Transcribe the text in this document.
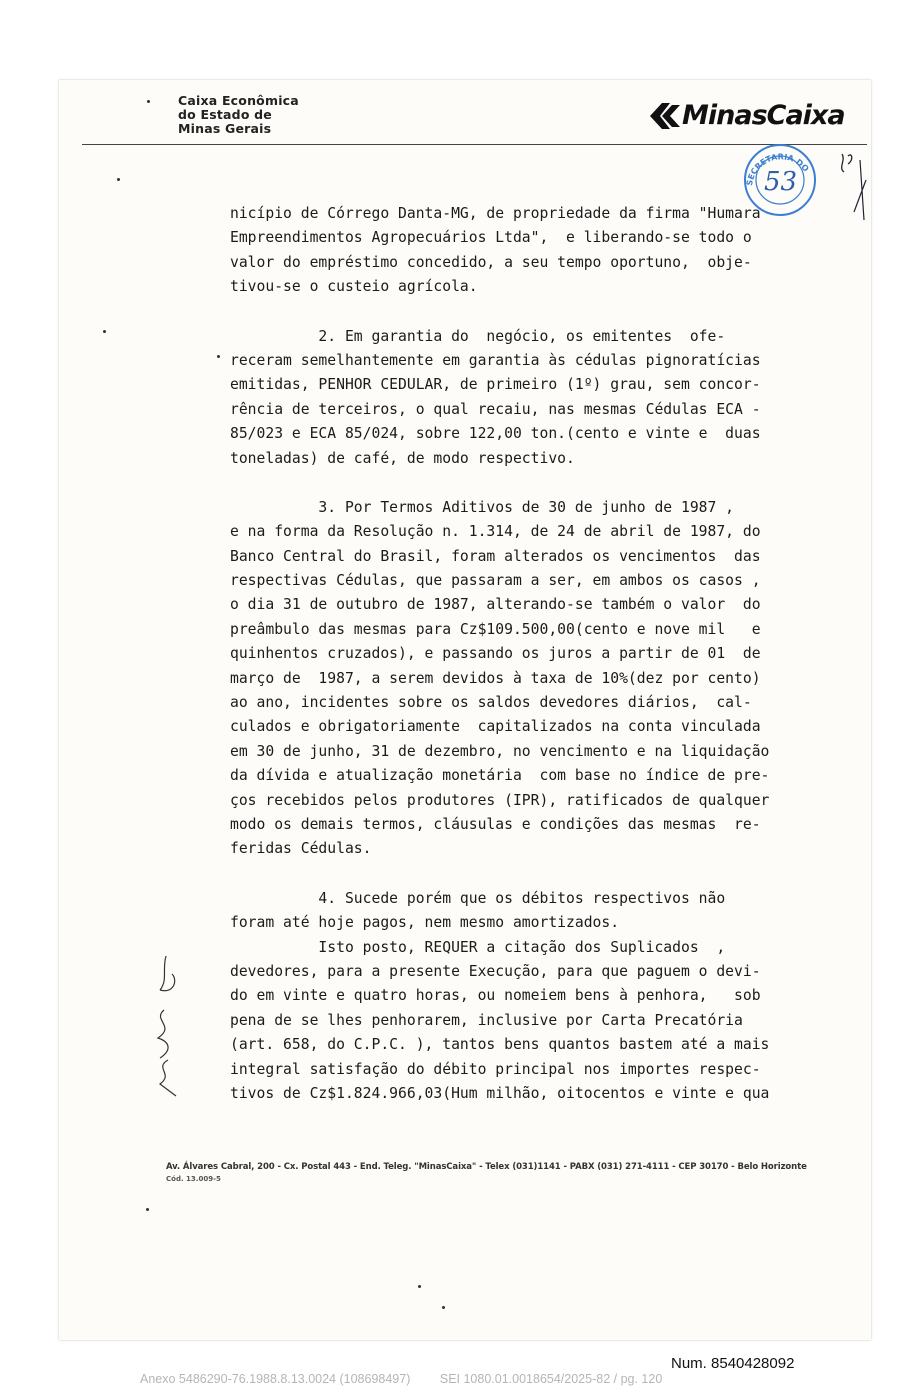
Caixa Econômica
do Estado de
Minas Gerais	MinasCaixa
SECRETARIA DO
53
nicípio de Córrego Danta-MG, de propriedade da firma "Humara
Empreendimentos Agropecuários Ltda",  e liberando-se todo o
valor do empréstimo concedido, a seu tempo oportuno,  obje-
tivou-se o custeio agrícola.
2. Em garantia do  negócio, os emitentes  ofe-
receram semelhantemente em garantia às cédulas pignoratícias
emitidas, PENHOR CEDULAR, de primeiro (1º) grau, sem concor-
rência de terceiros, o qual recaiu, nas mesmas Cédulas ECA -
85/023 e ECA 85/024, sobre 122,00 ton.(cento e vinte e  duas
toneladas) de café, de modo respectivo.
3. Por Termos Aditivos de 30 de junho de 1987 ,
e na forma da Resolução n. 1.314, de 24 de abril de 1987, do
Banco Central do Brasil, foram alterados os vencimentos  das
respectivas Cédulas, que passaram a ser, em ambos os casos ,
o dia 31 de outubro de 1987, alterando-se também o valor  do
preâmbulo das mesmas para Cz$109.500,00(cento e nove mil   e
quinhentos cruzados), e passando os juros a partir de 01  de
março de  1987, a serem devidos à taxa de 10%(dez por cento)
ao ano, incidentes sobre os saldos devedores diários,  cal-
culados e obrigatoriamente  capitalizados na conta vinculada
em 30 de junho, 31 de dezembro, no vencimento e na liquidação
da dívida e atualização monetária  com base no índice de pre-
ços recebidos pelos produtores (IPR), ratificados de qualquer
modo os demais termos, cláusulas e condições das mesmas  re-
feridas Cédulas.
4. Sucede porém que os débitos respectivos não
foram até hoje pagos, nem mesmo amortizados.
Isto posto, REQUER a citação dos Suplicados  ,
devedores, para a presente Execução, para que paguem o devi-
do em vinte e quatro horas, ou nomeiem bens à penhora,   sob
pena de se lhes penhorarem, inclusive por Carta Precatória
(art. 658, do C.P.C. ), tantos bens quantos bastem até a mais
integral satisfação do débito principal nos importes respec-
tivos de Cz$1.824.966,03(Hum milhão, oitocentos e vinte e qua
Av. Álvares Cabral, 200 - Cx. Postal 443 - End. Teleg. "MinasCaixa" - Telex (031)1141 - PABX (031) 271-4111 - CEP 30170 - Belo Horizonte
Cód. 13.009-5
Num. 8540428092
Anexo 5486290-76.1988.8.13.0024 (108698497) SEI 1080.01.0018654/2025-82 / pg. 120
